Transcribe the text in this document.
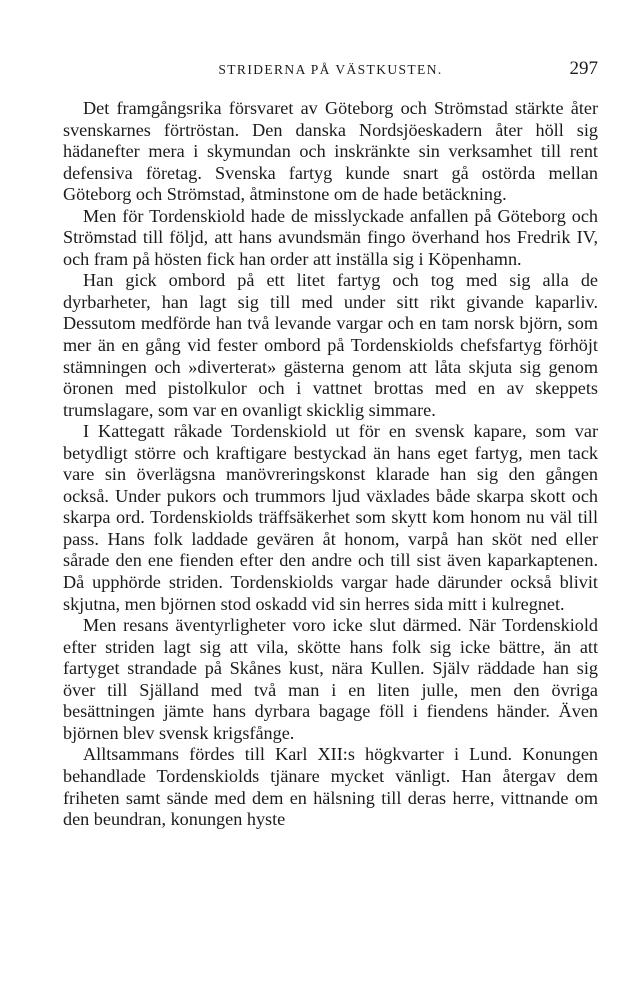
STRIDERNA PÅ VÄSTKUSTEN.	297

Det framgångsrika försvaret av Göteborg och Strömstad stärkte åter svenskarnes förtröstan. Den danska Nordsjöeskadern åter höll sig hädanefter mera i skymundan och inskränkte sin verksamhet till rent defensiva företag. Svenska fartyg kunde snart gå ostörda mellan Göteborg och Strömstad, åtminstone om de hade betäckning.

Men för Tordenskiold hade de misslyckade anfallen på Göteborg och Strömstad till följd, att hans avundsmän fingo överhand hos Fredrik IV, och fram på hösten fick han order att inställa sig i Köpenhamn.

Han gick ombord på ett litet fartyg och tog med sig alla de dyrbarheter, han lagt sig till med under sitt rikt givande kaparliv. Dessutom medförde han två levande vargar och en tam norsk björn, som mer än en gång vid fester ombord på Tordenskiolds chefsfartyg förhöjt stämningen och »diverterat» gästerna genom att låta skjuta sig genom öronen med pistolkulor och i vattnet brottas med en av skeppets trumslagare, som var en ovanligt skicklig simmare.

I Kattegatt råkade Tordenskiold ut för en svensk kapare, som var betydligt större och kraftigare bestyckad än hans eget fartyg, men tack vare sin överlägsna manövreringskonst klarade han sig den gången också. Under pukors och trummors ljud växlades både skarpa skott och skarpa ord. Tordenskiolds träffsäkerhet som skytt kom honom nu väl till pass. Hans folk laddade gevären åt honom, varpå han sköt ned eller sårade den ene fienden efter den andre och till sist även kaparkaptenen. Då upphörde striden. Tordenskiolds vargar hade därunder också blivit skjutna, men björnen stod oskadd vid sin herres sida mitt i kulregnet.

Men resans äventyrligheter voro icke slut därmed. När Tordenskiold efter striden lagt sig att vila, skötte hans folk sig icke bättre, än att fartyget strandade på Skånes kust, nära Kullen. Själv räddade han sig över till Själland med två man i en liten julle, men den övriga besättningen jämte hans dyrbara bagage föll i fiendens händer. Även björnen blev svensk krigsfånge.

Alltsammans fördes till Karl XII:s högkvarter i Lund. Konungen behandlade Tordenskiolds tjänare mycket vänligt. Han återgav dem friheten samt sände med dem en hälsning till deras herre, vittnande om den beundran, konungen hyste
